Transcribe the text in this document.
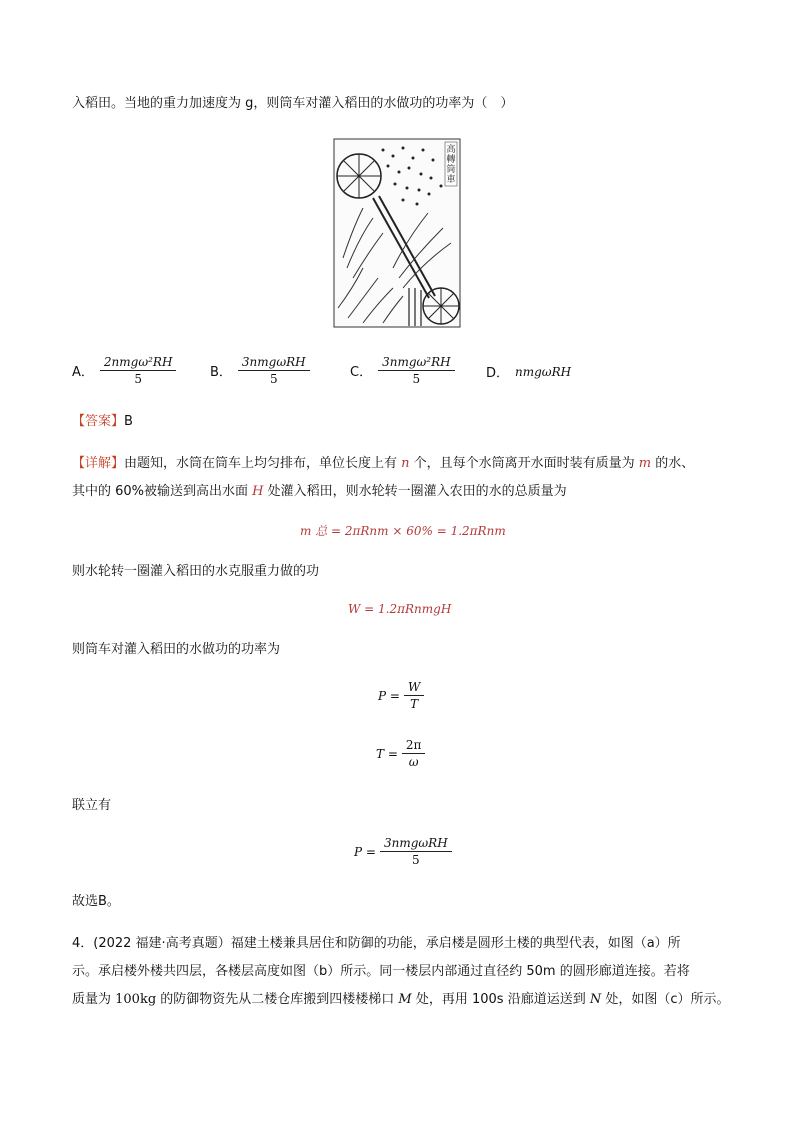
入稻田。当地的重力加速度为 g，则筒车对灌入稻田的水做功的功率为（　）
高轉筒車
A． $\frac{\text{2nmgω²RH}}{5}$	B． $\frac{\text{3nmgωRH}}{5}$	C． $\frac{\text{3nmgω²RH}}{5}$ D． nmgωRH
【答案】B
【详解】由题知，水筒在筒车上均匀排布，单位长度上有 n 个，且每个水筒离开水面时装有质量为 m 的水、
其中的 60%被输送到高出水面 H 处灌入稻田，则水轮转一圈灌入农田的水的总质量为
m 总 = 2πRnm × 60% = 1.2πRnm
则水轮转一圈灌入稻田的水克服重力做的功
W = 1.2πRnmgH
则筒车对灌入稻田的水做功的功率为
$P = \frac{W}{T}$
$T = \frac{2\pi}{\omega}$
联立有
$P = \frac{\text{3nmgωRH}}{5}$
故选B。
4．(2022 福建·高考真题）福建土楼兼具居住和防御的功能，承启楼是圆形土楼的典型代表，如图（a）所
示。承启楼外楼共四层，各楼层高度如图（b）所示。同一楼层内部通过直径约 50m 的圆形廊道连接。若将
质量为 100kg 的防御物资先从二楼仓库搬到四楼楼梯口 M 处，再用 100s 沿廊道运送到 N 处，如图（c）所示。
